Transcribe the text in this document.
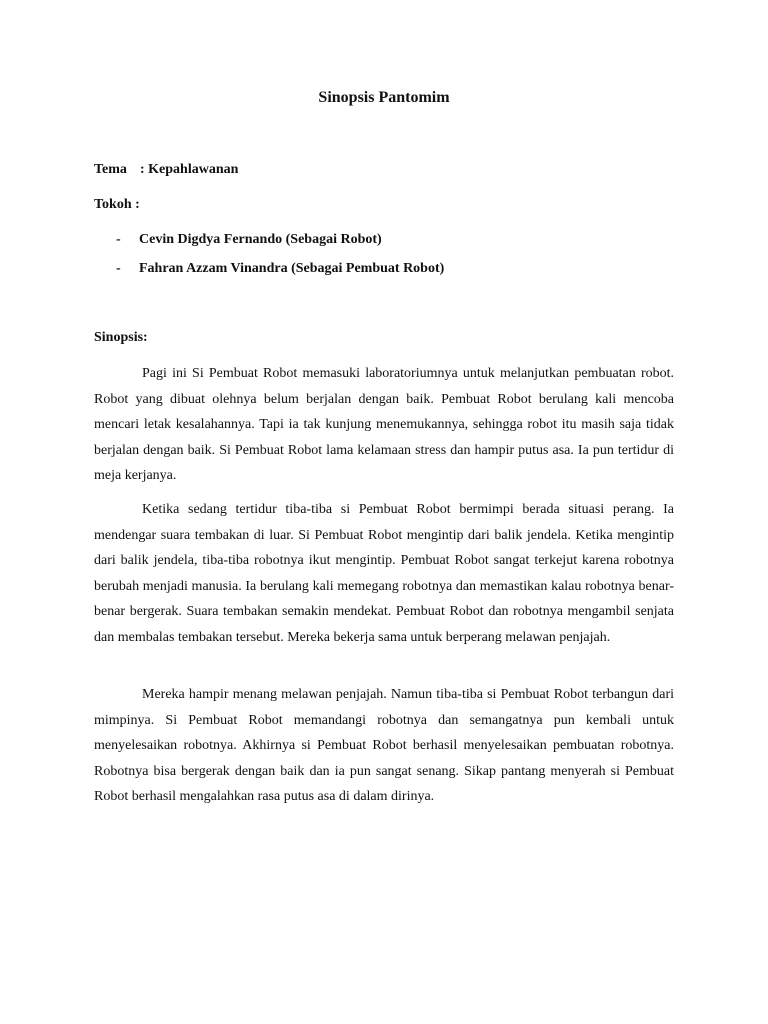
Sinopsis Pantomim
Tema : Kepahlawanan
Tokoh :
- Cevin Digdya Fernando (Sebagai Robot)
- Fahran Azzam Vinandra (Sebagai Pembuat Robot)
Sinopsis:

Pagi ini Si Pembuat Robot memasuki laboratoriumnya untuk melanjutkan pembuatan robot. Robot yang dibuat olehnya belum berjalan dengan baik. Pembuat Robot berulang kali mencoba mencari letak kesalahannya. Tapi ia tak kunjung menemukannya, sehingga robot itu masih saja tidak berjalan dengan baik. Si Pembuat Robot lama kelamaan stress dan hampir putus asa. Ia pun tertidur di meja kerjanya.

Ketika sedang tertidur tiba-tiba si Pembuat Robot bermimpi berada situasi perang. Ia mendengar suara tembakan di luar. Si Pembuat Robot mengintip dari balik jendela. Ketika mengintip dari balik jendela, tiba-tiba robotnya ikut mengintip. Pembuat Robot sangat terkejut karena robotnya berubah menjadi manusia. Ia berulang kali memegang robotnya dan memastikan kalau robotnya benar-benar bergerak. Suara tembakan semakin mendekat. Pembuat Robot dan robotnya mengambil senjata dan membalas tembakan tersebut. Mereka bekerja sama untuk berperang melawan penjajah.

Mereka hampir menang melawan penjajah. Namun tiba-tiba si Pembuat Robot terbangun dari mimpinya. Si Pembuat Robot memandangi robotnya dan semangatnya pun kembali untuk menyelesaikan robotnya. Akhirnya si Pembuat Robot berhasil menyelesaikan pembuatan robotnya. Robotnya bisa bergerak dengan baik dan ia pun sangat senang. Sikap pantang menyerah si Pembuat Robot berhasil mengalahkan rasa putus asa di dalam dirinya.
